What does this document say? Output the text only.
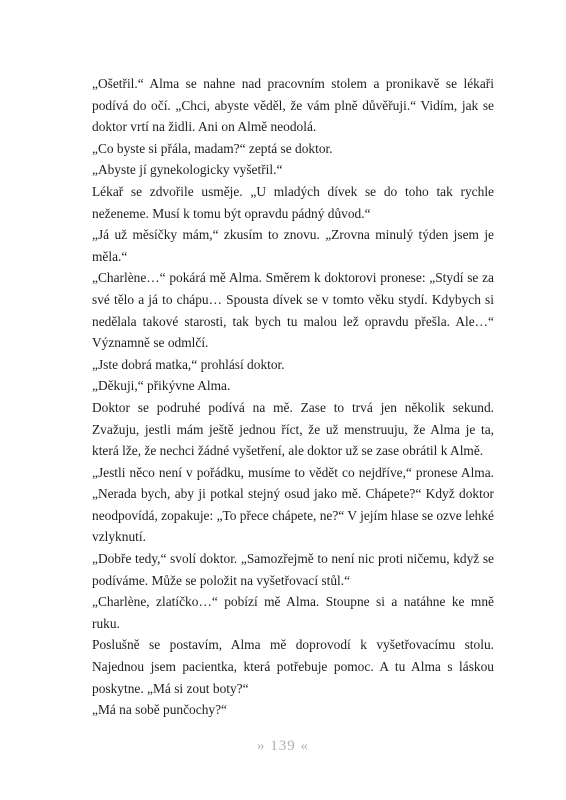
„Ošetřil.“ Alma se nahne nad pracovním stolem a pronikavě se lékaři podívá do očí. „Chci, abyste věděl, že vám plně důvěřuji.“ Vidím, jak se doktor vrtí na židli. Ani on Almě neodolá.

„Co byste si přála, madam?“ zeptá se doktor.

„Abyste jí gynekologicky vyšetřil.“

Lékař se zdvořile usměje. „U mladých dívek se do toho tak rychle neženeme. Musí k tomu být opravdu pádný důvod.“

„Já už měsíčky mám,“ zkusím to znovu. „Zrovna minulý týden jsem je měla.“

„Charlène…“ pokárá mě Alma. Směrem k doktorovi pronese: „Stydí se za své tělo a já to chápu… Spousta dívek se v tomto věku stydí. Kdybych si nedělala takové starosti, tak bych tu malou lež opravdu přešla. Ale…“ Významně se odmlčí.

„Jste dobrá matka,“ prohlásí doktor.

„Děkuji,“ přikývne Alma.

Doktor se podruhé podívá na mě. Zase to trvá jen několik sekund. Zvažuju, jestli mám ještě jednou říct, že už menstruuju, že Alma je ta, která lže, že nechci žádné vyšetření, ale doktor už se zase obrátil k Almě.

„Jestli něco není v pořádku, musíme to vědět co nejdříve,“ pronese Alma. „Nerada bych, aby ji potkal stejný osud jako mě. Chápete?“ Když doktor neodpovídá, zopakuje: „To přece chápete, ne?“ V jejím hlase se ozve lehké vzlyknutí.

„Dobře tedy,“ svolí doktor. „Samozřejmě to není nic proti ničemu, když se podíváme. Může se položit na vyšetřovací stůl.“

„Charlène, zlatíčko…“ pobízí mě Alma. Stoupne si a natáhne ke mně ruku.

Poslušně se postavím, Alma mě doprovodí k vyšetřovacímu stolu. Najednou jsem pacientka, která potřebuje pomoc. A tu Alma s láskou poskytne. „Má si zout boty?“

„Má na sobě punčochy?“

» 139 «
